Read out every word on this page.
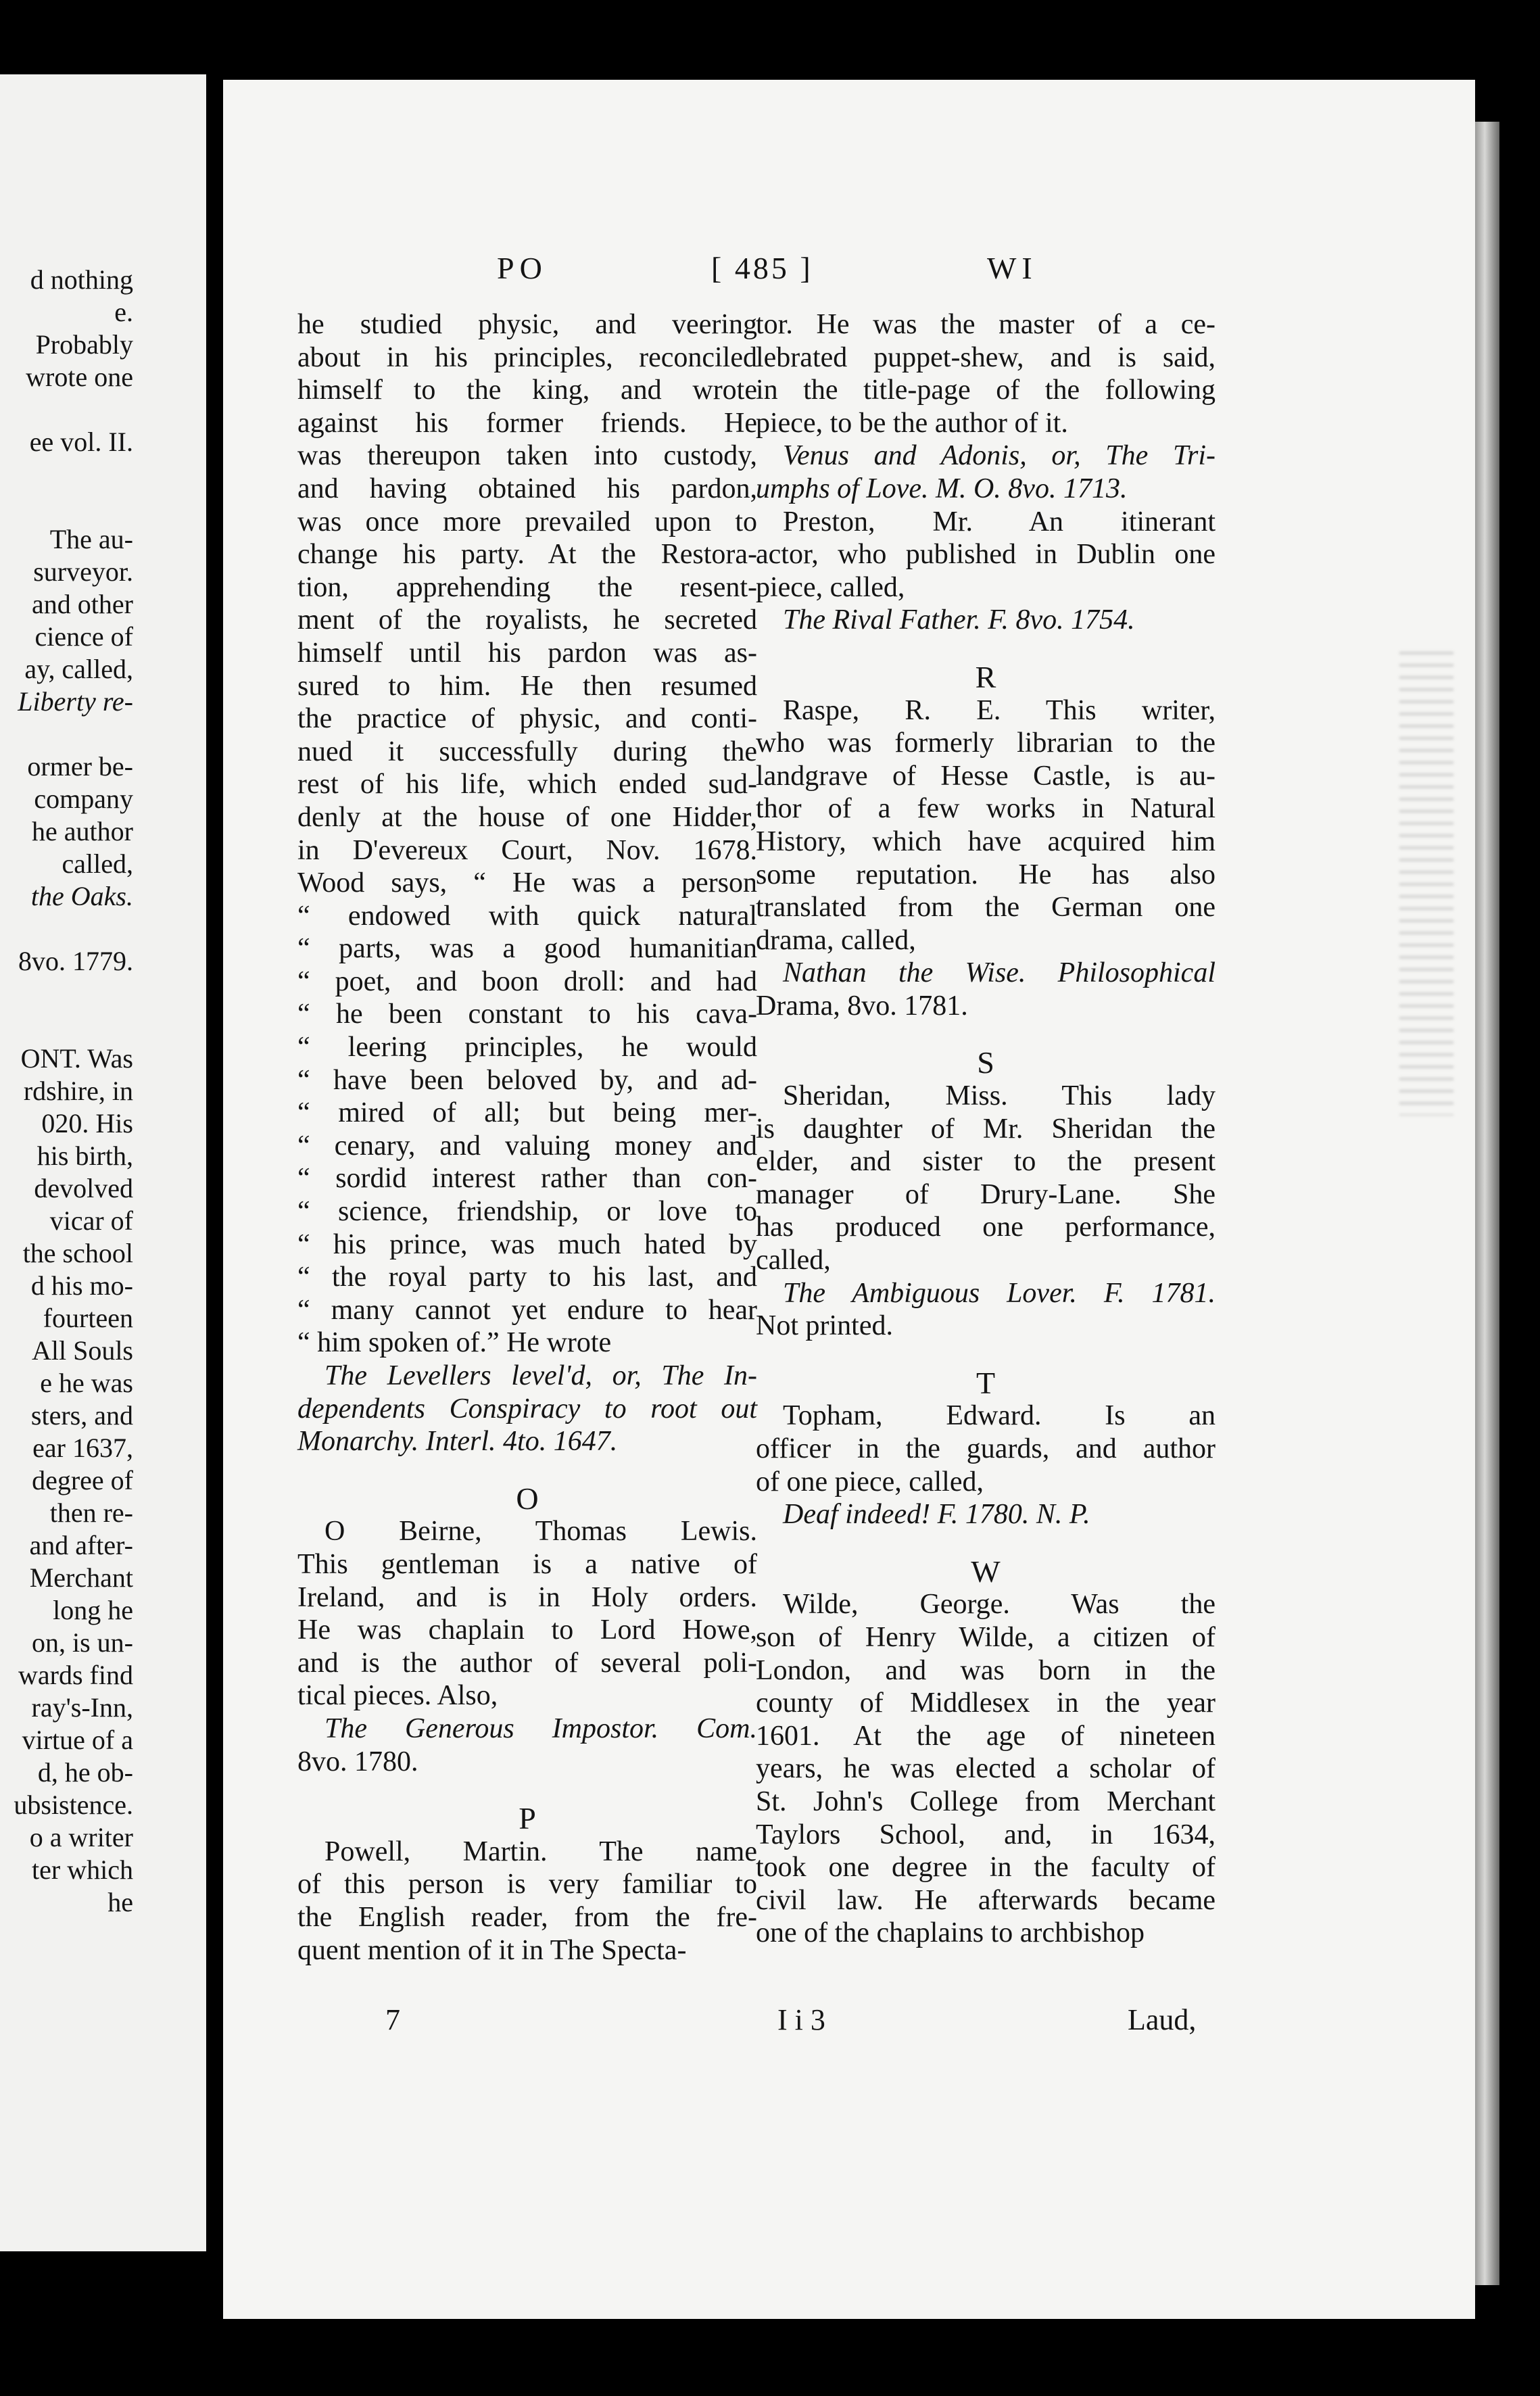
d nothing
e.
Probably
wrote one
ee vol. II.
The au-
surveyor.
and other
cience of
ay, called,
Liberty re-
ormer be-
company
he author
called,
the Oaks.
8vo. 1779.
ONT. Was
rdshire, in
020. His
his birth,
devolved
vicar of
the school
d his mo-
fourteen
All Souls
e he was
sters, and
ear 1637,
degree of
then re-
and after-
Merchant
long he
on, is un-
wards find
ray's-Inn,
virtue of a
d, he ob-
ubsistence.
o a writer
ter which
he
PO	[ 485 ]	WI
he studied physic, and veering
about in his principles, reconciled
himself to the king, and wrote
against his former friends. He
was thereupon taken into custody,
and having obtained his pardon,
was once more prevailed upon to
change his party. At the Restora-
tion, apprehending the resent-
ment of the royalists, he secreted
himself until his pardon was as-
sured to him. He then resumed
the practice of physic, and conti-
nued it successfully during the
rest of his life, which ended sud-
denly at the house of one Hidder,
in D'evereux Court, Nov. 1678.
Wood says, “ He was a person
“ endowed with quick natural
“ parts, was a good humanitian
“ poet, and boon droll: and had
“ he been constant to his cava-
“ leering principles, he would
“ have been beloved by, and ad-
“ mired of all; but being mer-
“ cenary, and valuing money and
“ sordid interest rather than con-
“ science, friendship, or love to
“ his prince, was much hated by
“ the royal party to his last, and
“ many cannot yet endure to hear
“ him spoken of.” He wrote
The Levellers level'd, or, The In-
dependents Conspiracy to root out
Monarchy. Interl. 4to. 1647.
O
O Beirne, Thomas Lewis.
This gentleman is a native of
Ireland, and is in Holy orders.
He was chaplain to Lord Howe,
and is the author of several poli-
tical pieces. Also,
The Generous Impostor. Com.
8vo. 1780.
P
Powell, Martin. The name
of this person is very familiar to
the English reader, from the fre-
quent mention of it in The Specta-
tor. He was the master of a ce-
lebrated puppet-shew, and is said,
in the title-page of the following
piece, to be the author of it.
Venus and Adonis, or, The Tri-
umphs of Love. M. O. 8vo. 1713.
Preston, Mr. An itinerant
actor, who published in Dublin one
piece, called,
The Rival Father. F. 8vo. 1754.
R
Raspe, R. E. This writer,
who was formerly librarian to the
landgrave of Hesse Castle, is au-
thor of a few works in Natural
History, which have acquired him
some reputation. He has also
translated from the German one
drama, called,
Nathan the Wise. Philosophical
Drama, 8vo. 1781.
S
Sheridan, Miss. This lady
is daughter of Mr. Sheridan the
elder, and sister to the present
manager of Drury-Lane. She
has produced one performance,
called,
The Ambiguous Lover. F. 1781.
Not printed.
T
Topham, Edward. Is an
officer in the guards, and author
of one piece, called,
Deaf indeed! F. 1780. N. P.
W
Wilde, George. Was the
son of Henry Wilde, a citizen of
London, and was born in the
county of Middlesex in the year
1601. At the age of nineteen
years, he was elected a scholar of
St. John's College from Merchant
Taylors School, and, in 1634,
took one degree in the faculty of
civil law. He afterwards became
one of the chaplains to archbishop
7	I i 3	Laud,
